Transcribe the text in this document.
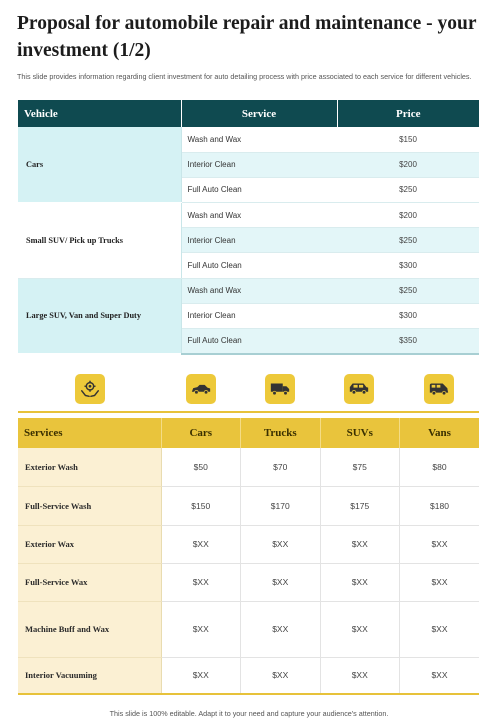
Proposal for automobile repair and maintenance - your investment (1/2)
This slide provides information regarding client investment for auto detailing process with price associated to each service for different vehicles.
Vehicle	Service	Price
Cars	Wash and Wax	$150
	Interior Clean	$200
	Full Auto Clean	$250
Small SUV/ Pick up Trucks	Wash and Wax	$200
	Interior Clean	$250
	Full Auto Clean	$300
Large SUV, Van and Super Duty	Wash and Wax	$250
	Interior Clean	$300
	Full Auto Clean	$350
Services	Cars	Trucks	SUVs	Vans
Exterior Wash	$50	$70	$75	$80
Full-Service Wash	$150	$170	$175	$180
Exterior Wax	$XX	$XX	$XX	$XX
Full-Service Wax	$XX	$XX	$XX	$XX
Machine Buff and Wax	$XX	$XX	$XX	$XX
Interior Vacuuming	$XX	$XX	$XX	$XX
This slide is 100% editable. Adapt it to your need and capture your audience's attention.
